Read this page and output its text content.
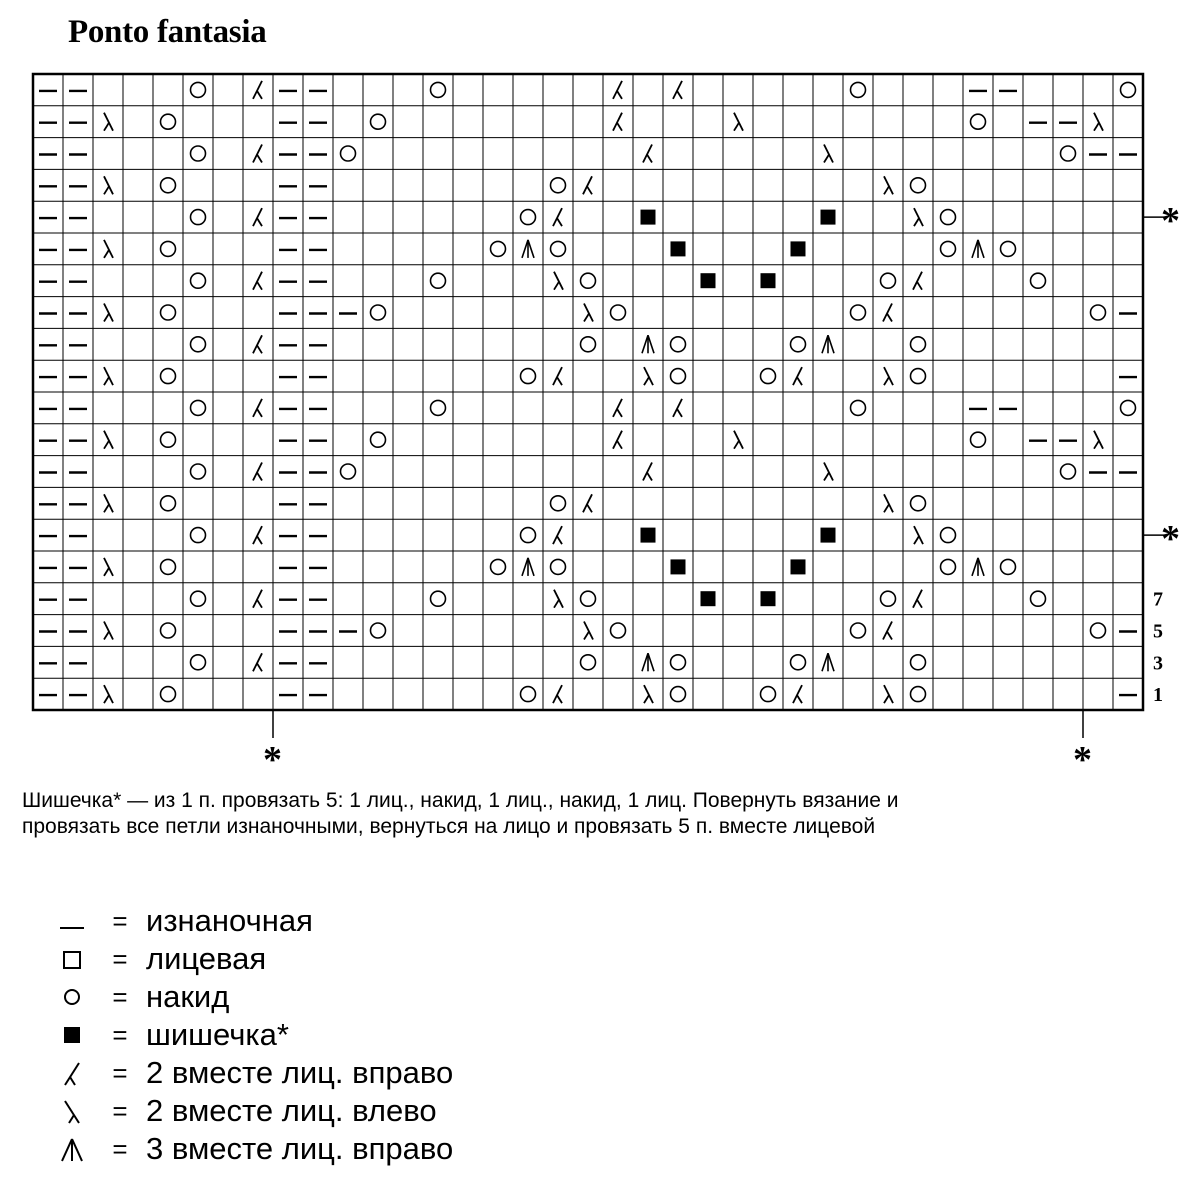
Ponto fantasia
7
5
3
1
*
*
*	*
Шишечка* — из 1 п. провязать 5: 1 лиц., накид, 1 лиц., накид, 1 лиц. Повернуть вязание и
провязать все петли изнаночными, вернуться на лицо и провязать 5 п. вместе лицевой
= изнаночная
= лицевая
= накид
= шишечка*
= 2 вместе лиц. вправо
= 2 вместе лиц. влево
= 3 вместе лиц. вправо
